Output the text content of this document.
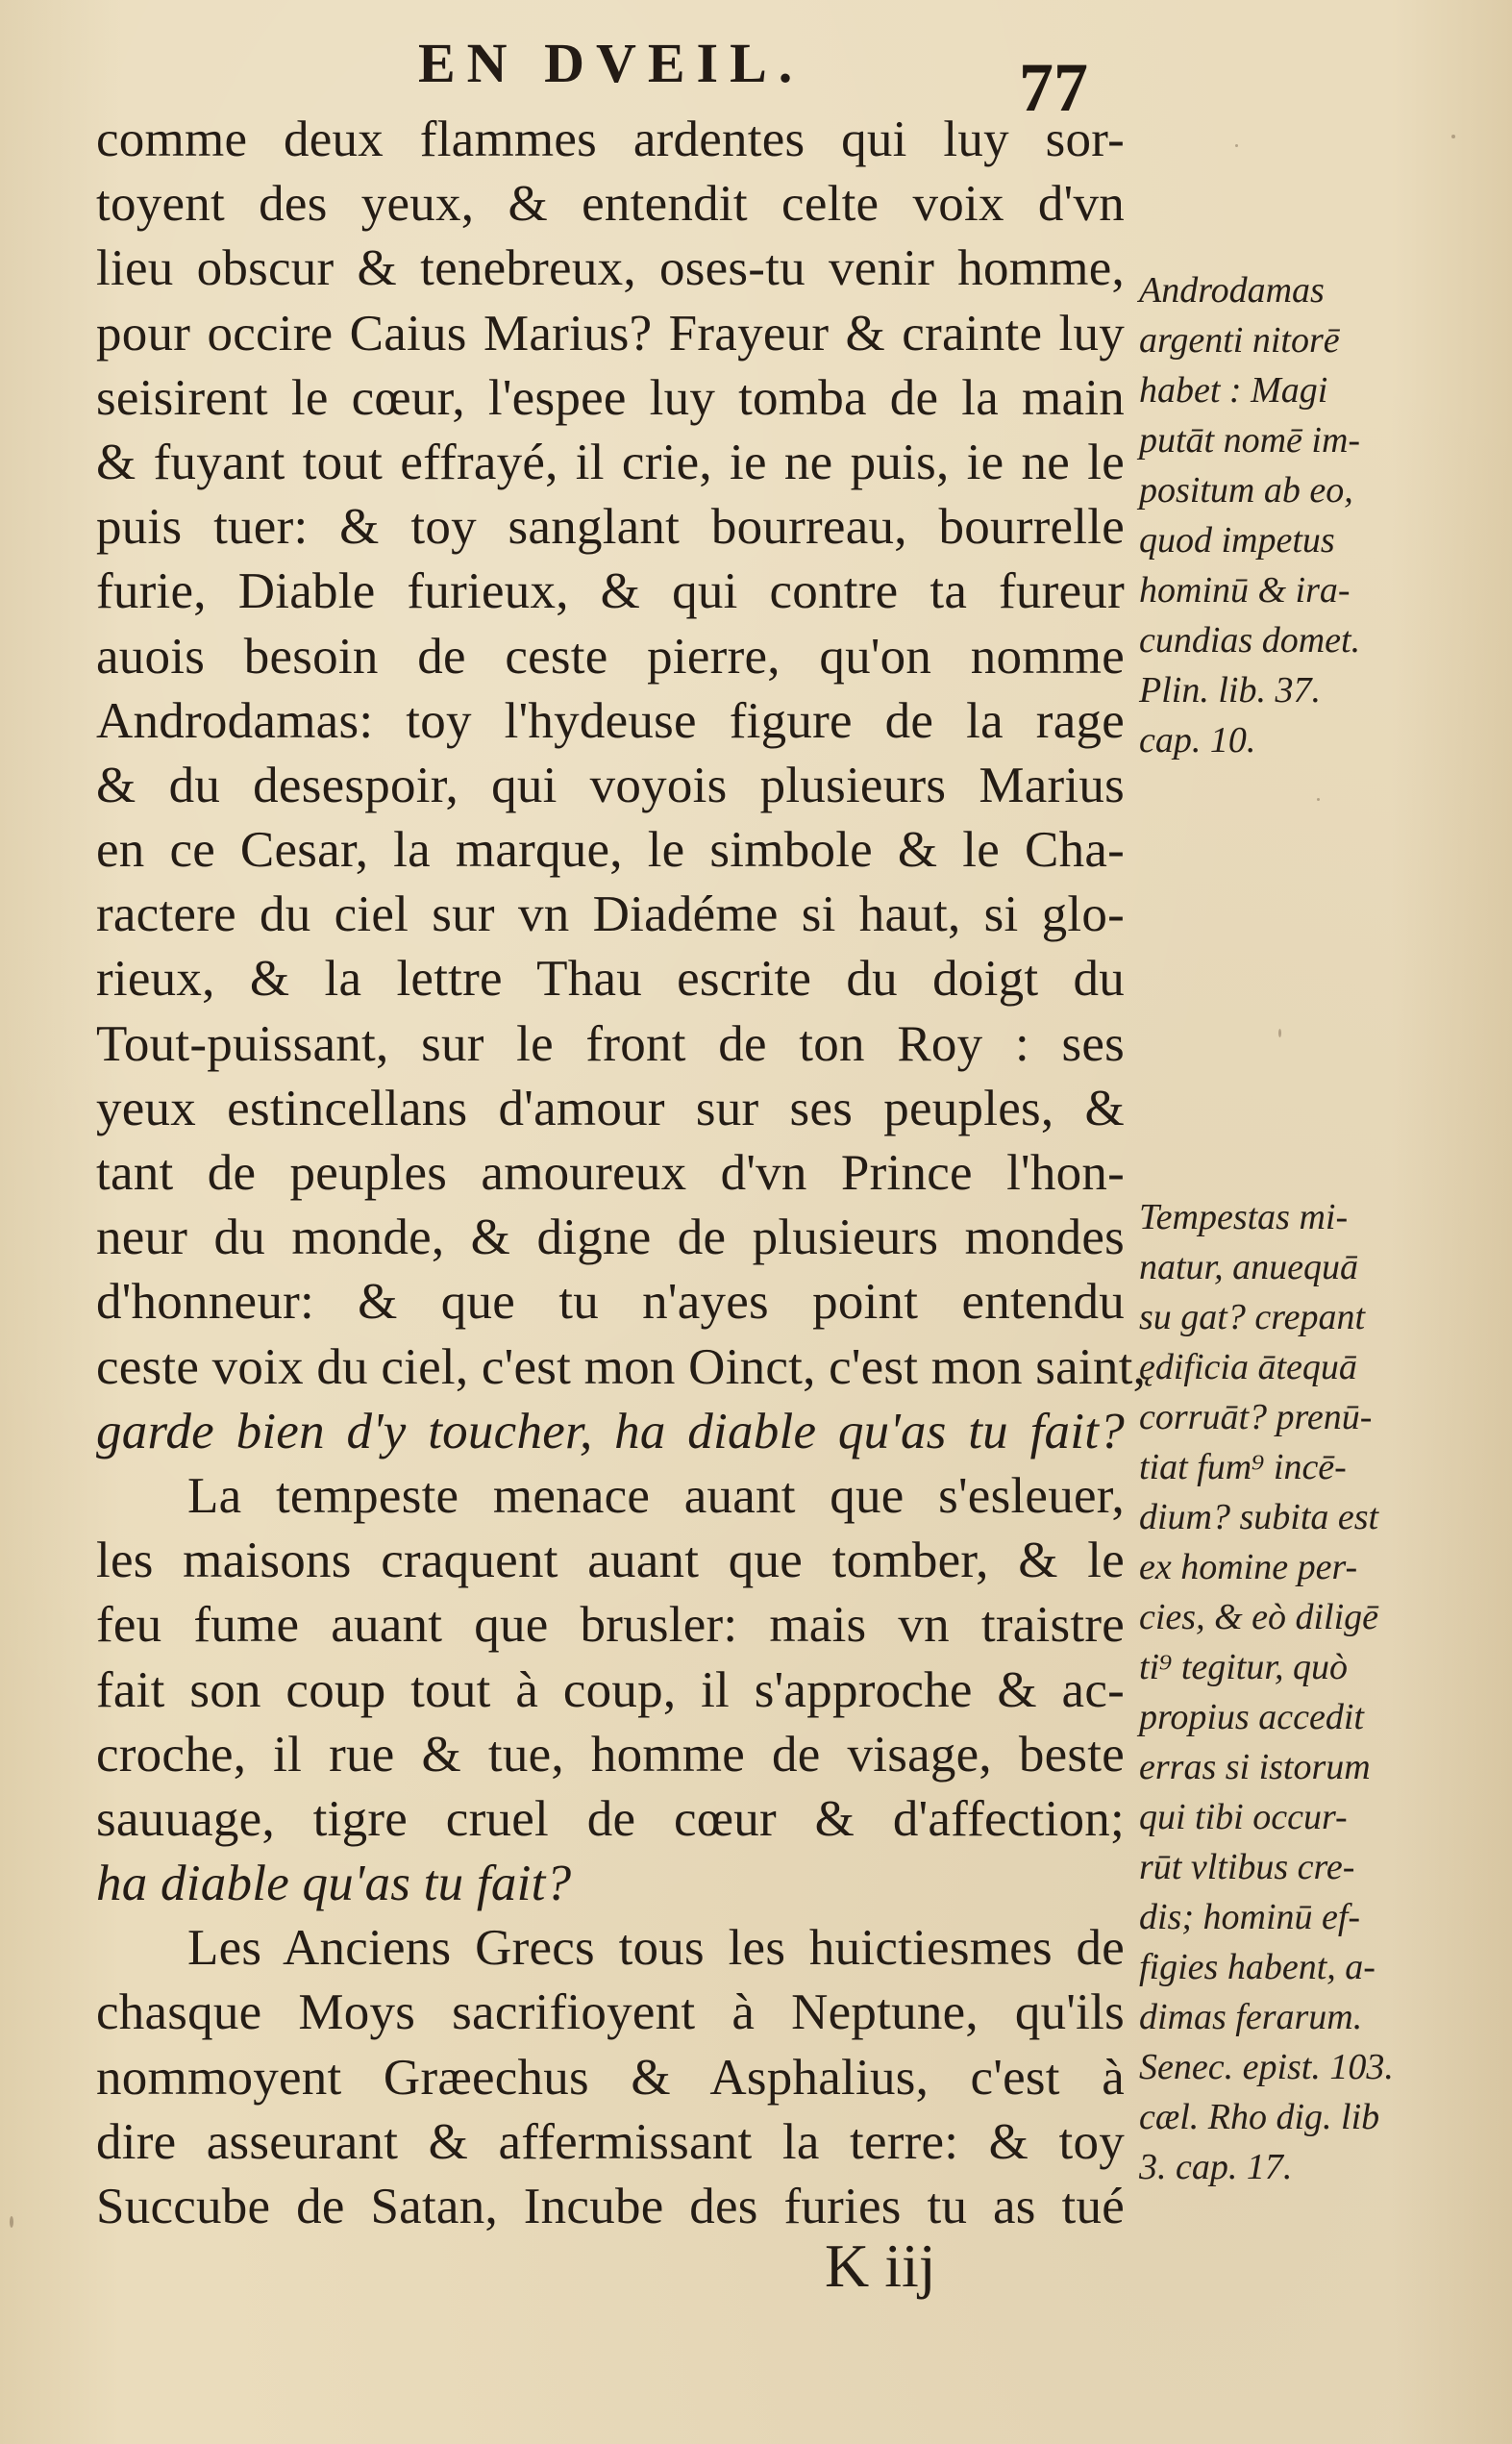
EN DVEIL.	77
comme deux flammes ardentes qui luy sor-
toyent des yeux, & entendit celte voix d'vn
lieu obscur & tenebreux, oses-tu venir homme,
pour occire Caius Marius? Frayeur & crainte luy
seisirent le cœur, l'espee luy tomba de la main
& fuyant tout effrayé, il crie, ie ne puis, ie ne le
puis tuer: & toy sanglant bourreau, bourrelle
furie, Diable furieux, & qui contre ta fureur
auois besoin de ceste pierre, qu'on nomme
Androdamas: toy l'hydeuse figure de la rage
& du desespoir, qui voyois plusieurs Marius
en ce Cesar, la marque, le simbole & le Cha-
ractere du ciel sur vn Diadéme si haut, si glo-
rieux, & la lettre Thau escrite du doigt du
Tout-puissant, sur le front de ton Roy : ses
yeux estincellans d'amour sur ses peuples, &
tant de peuples amoureux d'vn Prince l'hon-
neur du monde, & digne de plusieurs mondes
d'honneur: & que tu n'ayes point entendu
ceste voix du ciel, c'est mon Oinct, c'est mon saint,
garde bien d'y toucher, ha diable qu'as tu fait?
La tempeste menace auant que s'esleuer,
les maisons craquent auant que tomber, & le
feu fume auant que brusler: mais vn traistre
fait son coup tout à coup, il s'approche & ac-
croche, il rue & tue, homme de visage, beste
sauuage, tigre cruel de cœur & d'affection;
ha diable qu'as tu fait?
Les Anciens Grecs tous les huictiesmes de
chasque Moys sacrifioyent à Neptune, qu'ils
nommoyent Græechus & Asphalius, c'est à
dire asseurant & affermissant la terre: & toy
Succube de Satan, Incube des furies tu as tué
Androdamas
argenti nitorē
habet : Magi
putāt nomē im-
positum ab eo,
quod impetus
hominū & ira-
cundias domet.
Plin. lib. 37.
cap. 10.
Tempestas mi-
natur, anuequā
su gat? crepant
ędificia ātequā
corruāt? prenū-
tiat fum⁹ incē-
dium? subita est
ex homine per-
cies, & eò diligē
ti⁹ tegitur, quò
propius accedit
erras si istorum
qui tibi occur-
rūt vltibus cre-
dis; hominū ef-
figies habent, a-
dimas ferarum.
Senec. epist. 103.
cæl. Rho dig. lib
3. cap. 17.
K iij
